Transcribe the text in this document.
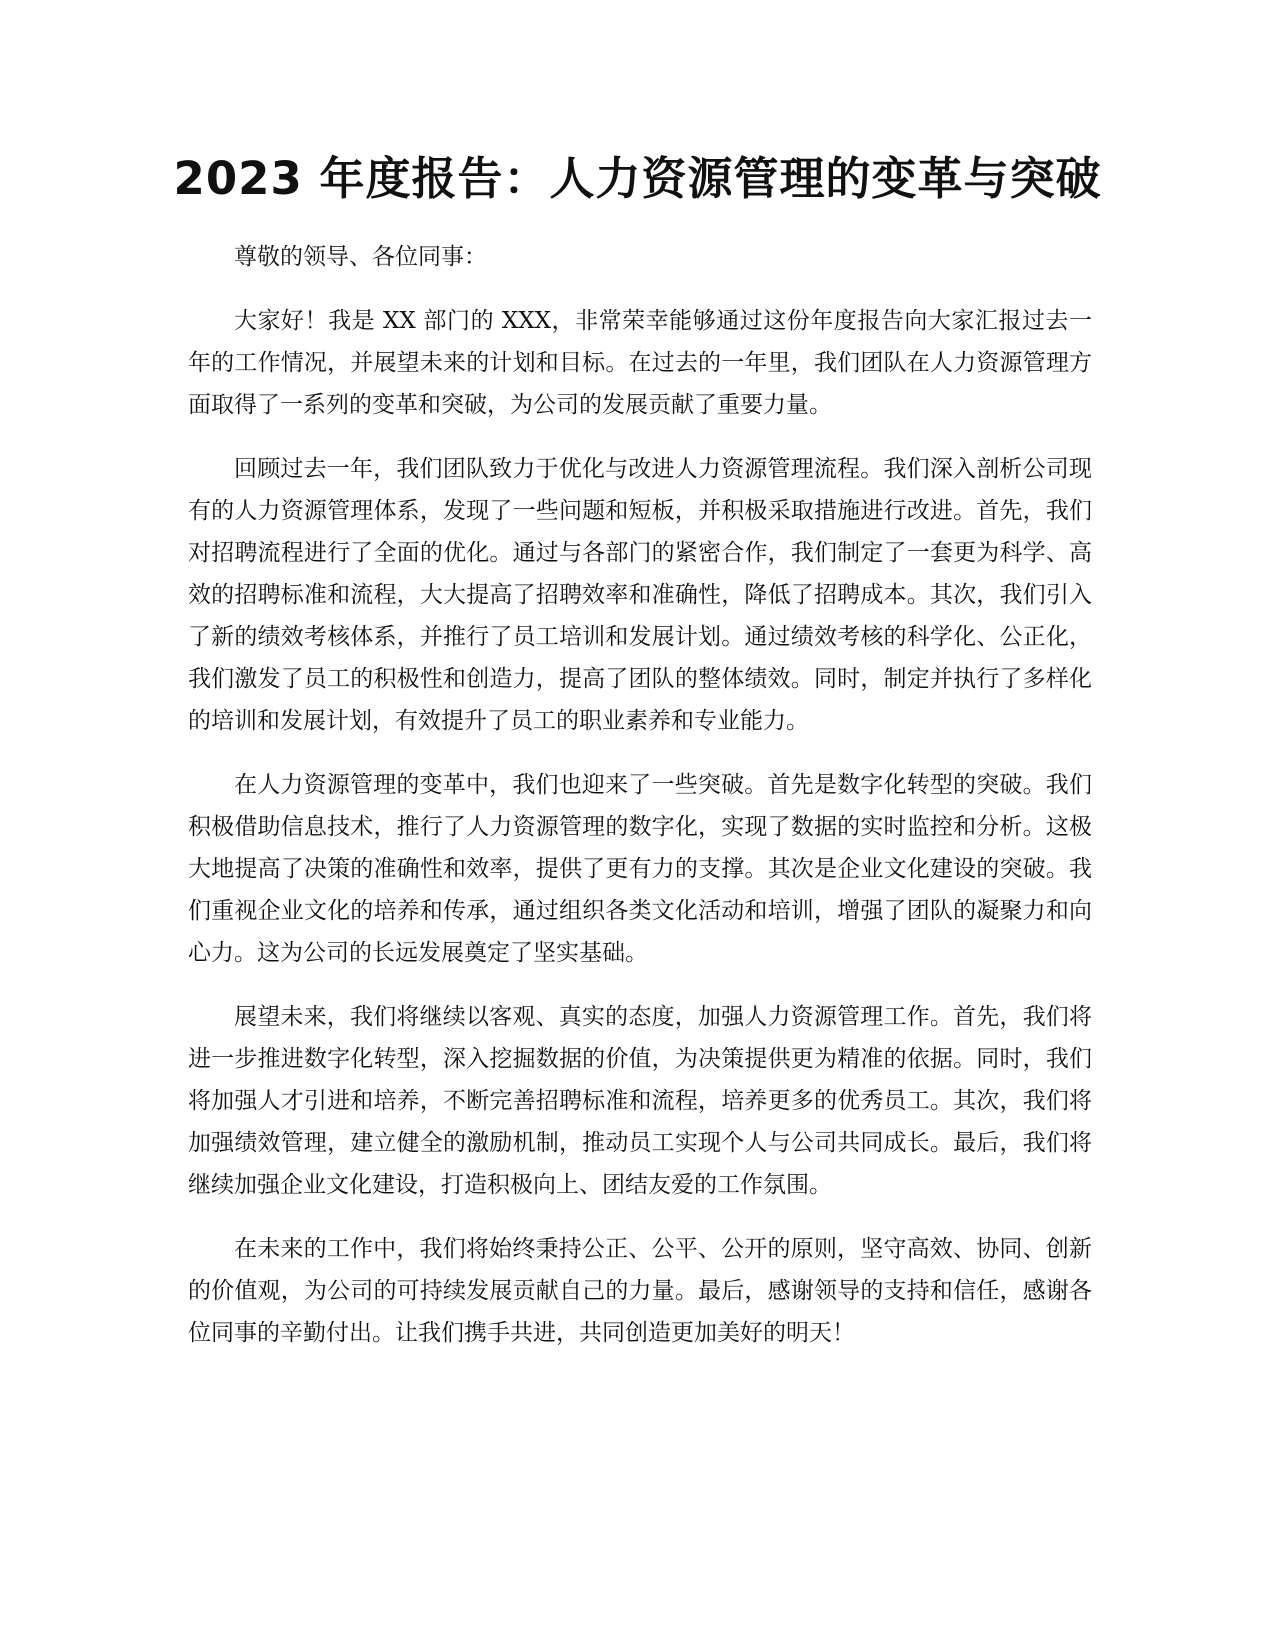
2023 年度报告：人力资源管理的变革与突破

尊敬的领导、各位同事：

大家好！我是 XX 部门的 XXX，非常荣幸能够通过这份年度报告向大家汇报过去一年的工作情况，并展望未来的计划和目标。在过去的一年里，我们团队在人力资源管理方面取得了一系列的变革和突破，为公司的发展贡献了重要力量。

回顾过去一年，我们团队致力于优化与改进人力资源管理流程。我们深入剖析公司现有的人力资源管理体系，发现了一些问题和短板，并积极采取措施进行改进。首先，我们对招聘流程进行了全面的优化。通过与各部门的紧密合作，我们制定了一套更为科学、高效的招聘标准和流程，大大提高了招聘效率和准确性，降低了招聘成本。其次，我们引入了新的绩效考核体系，并推行了员工培训和发展计划。通过绩效考核的科学化、公正化，我们激发了员工的积极性和创造力，提高了团队的整体绩效。同时，制定并执行了多样化的培训和发展计划，有效提升了员工的职业素养和专业能力。

在人力资源管理的变革中，我们也迎来了一些突破。首先是数字化转型的突破。我们积极借助信息技术，推行了人力资源管理的数字化，实现了数据的实时监控和分析。这极大地提高了决策的准确性和效率，提供了更有力的支撑。其次是企业文化建设的突破。我们重视企业文化的培养和传承，通过组织各类文化活动和培训，增强了团队的凝聚力和向心力。这为公司的长远发展奠定了坚实基础。

展望未来，我们将继续以客观、真实的态度，加强人力资源管理工作。首先，我们将进一步推进数字化转型，深入挖掘数据的价值，为决策提供更为精准的依据。同时，我们将加强人才引进和培养，不断完善招聘标准和流程，培养更多的优秀员工。其次，我们将加强绩效管理，建立健全的激励机制，推动员工实现个人与公司共同成长。最后，我们将继续加强企业文化建设，打造积极向上、团结友爱的工作氛围。

在未来的工作中，我们将始终秉持公正、公平、公开的原则，坚守高效、协同、创新的价值观，为公司的可持续发展贡献自己的力量。最后，感谢领导的支持和信任，感谢各位同事的辛勤付出。让我们携手共进，共同创造更加美好的明天！
